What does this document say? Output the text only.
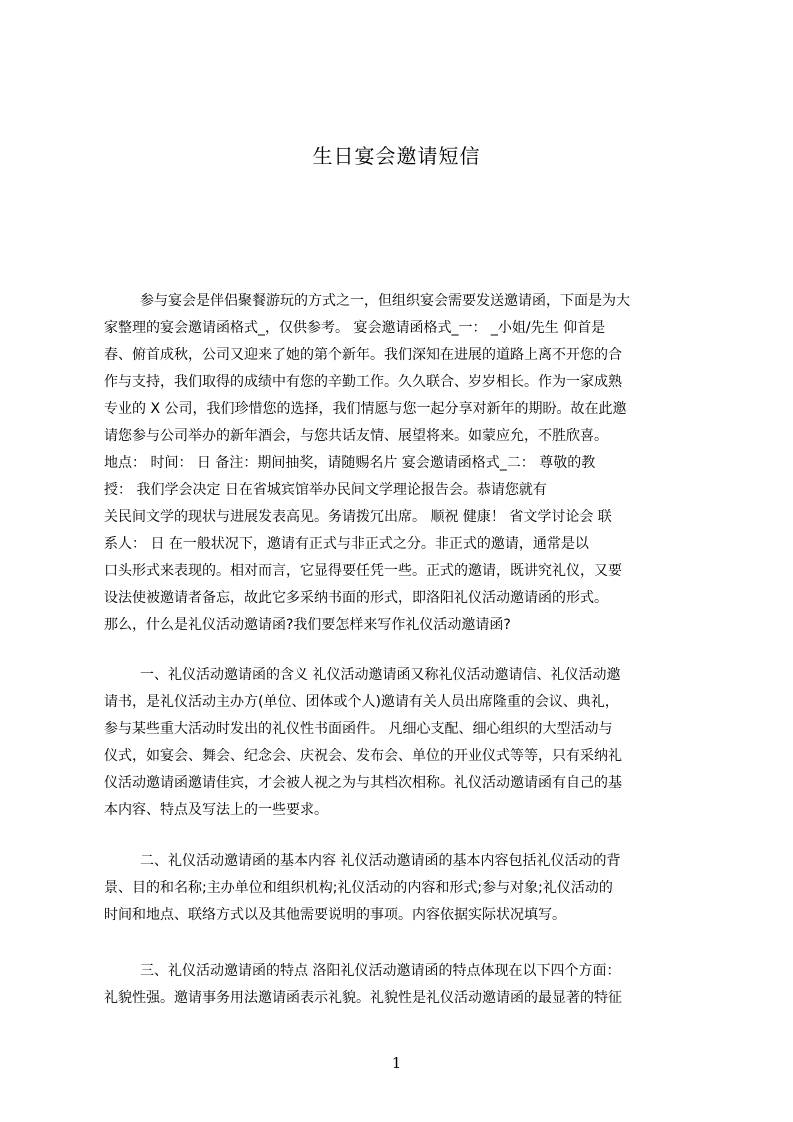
生日宴会邀请短信
参与宴会是伴侣聚餐游玩的方式之一，但组织宴会需要发送邀请函，下面是为大
家整理的宴会邀请函格式_，仅供参考。 宴会邀请函格式_一： _小姐/先生 仰首是
春、俯首成秋，公司又迎来了她的第个新年。我们深知在进展的道路上离不开您的合
作与支持，我们取得的成绩中有您的辛勤工作。久久联合、岁岁相长。作为一家成熟
专业的 X 公司，我们珍惜您的选择，我们情愿与您一起分享对新年的期盼。故在此邀
请您参与公司举办的新年酒会，与您共话友情、展望将来。如蒙应允，不胜欣喜。
地点： 时间： 日 备注：期间抽奖，请随赐名片 宴会邀请函格式_二： 尊敬的教
授： 我们学会决定 日在省城宾馆举办民间文学理论报告会。恭请您就有
关民间文学的现状与进展发表高见。务请拨冗出席。 顺祝 健康！ 省文学讨论会 联
系人： 日 在一般状况下，邀请有正式与非正式之分。非正式的邀请，通常是以
口头形式来表现的。相对而言，它显得要任凭一些。正式的邀请，既讲究礼仪，又要
设法使被邀请者备忘，故此它多采纳书面的形式，即洛阳礼仪活动邀请函的形式。
那么，什么是礼仪活动邀请函?我们要怎样来写作礼仪活动邀请函?
一、礼仪活动邀请函的含义 礼仪活动邀请函又称礼仪活动邀请信、礼仪活动邀
请书，是礼仪活动主办方(单位、团体或个人)邀请有关人员出席隆重的会议、典礼，
参与某些重大活动时发出的礼仪性书面函件。 凡细心支配、细心组织的大型活动与
仪式，如宴会、舞会、纪念会、庆祝会、发布会、单位的开业仪式等等，只有采纳礼
仪活动邀请函邀请佳宾，才会被人视之为与其档次相称。礼仪活动邀请函有自己的基
本内容、特点及写法上的一些要求。
二、礼仪活动邀请函的基本内容 礼仪活动邀请函的基本内容包括礼仪活动的背
景、目的和名称;主办单位和组织机构;礼仪活动的内容和形式;参与对象;礼仪活动的
时间和地点、联络方式以及其他需要说明的事项。内容依据实际状况填写。
三、礼仪活动邀请函的特点 洛阳礼仪活动邀请函的特点体现在以下四个方面：
礼貌性强。邀请事务用法邀请函表示礼貌。礼貌性是礼仪活动邀请函的最显著的特征
1
